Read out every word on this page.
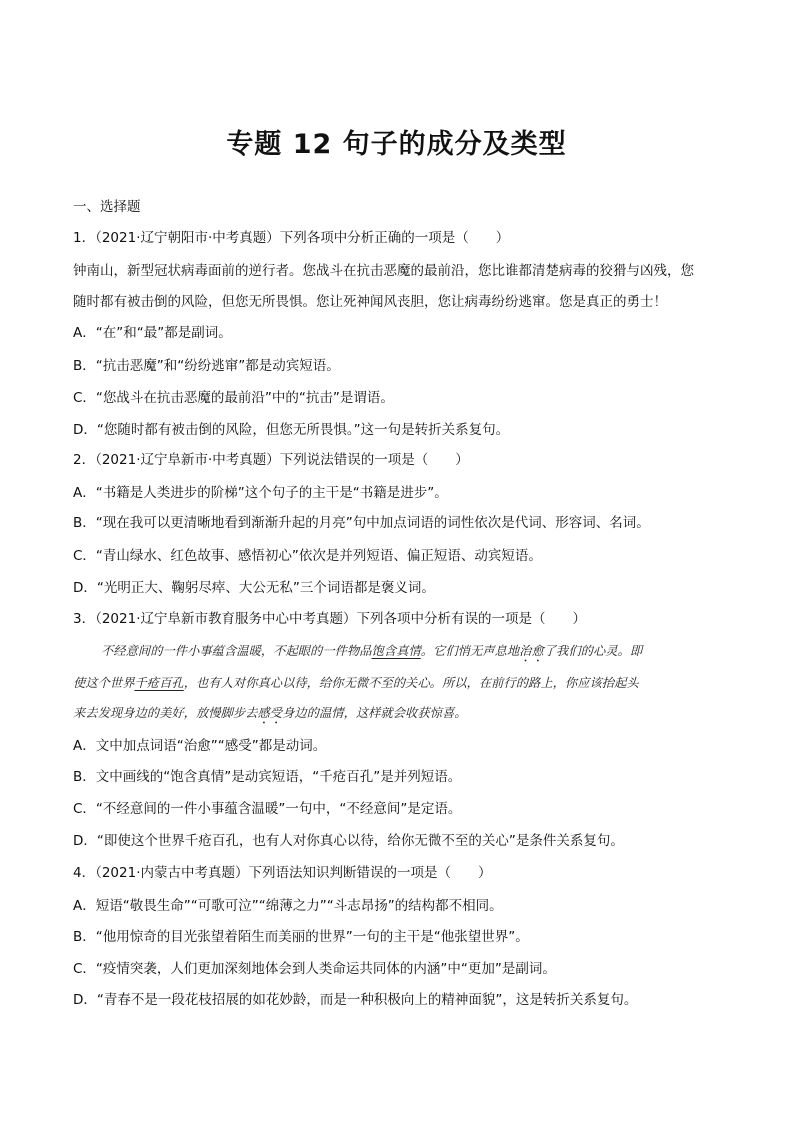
专题 12 句子的成分及类型
一、选择题
1．（2021·辽宁朝阳市·中考真题）下列各项中分析正确的一项是（　　）
钟南山，新型冠状病毒面前的逆行者。您战斗在抗击恶魔的最前沿，您比谁都清楚病毒的狡猾与凶残，您
随时都有被击倒的风险，但您无所畏惧。您让死神闻风丧胆，您让病毒纷纷逃窜。您是真正的勇士！
A．“在”和“最”都是副词。
B．“抗击恶魔”和“纷纷逃窜”都是动宾短语。
C．“您战斗在抗击恶魔的最前沿”中的“抗击”是谓语。
D．“您随时都有被击倒的风险，但您无所畏惧。”这一句是转折关系复句。
2．（2021·辽宁阜新市·中考真题）下列说法错误的一项是（　　）
A．“书籍是人类进步的阶梯”这个句子的主干是“书籍是进步”。
B．“现在我可以更清晰地看到渐渐升起的月亮”句中加点词语的词性依次是代词、形容词、名词。
C．“青山绿水、红色故事、感悟初心”依次是并列短语、偏正短语、动宾短语。
D．“光明正大、鞠躬尽瘁、大公无私”三个词语都是褒义词。
3．（2021·辽宁阜新市教育服务中心中考真题）下列各项中分析有误的一项是（　　）
不经意间的一件小事蕴含温暖，不起眼的一件物品饱含真情。它们悄无声息地治愈了我们的心灵。即
使这个世界千疮百孔，也有人对你真心以待，给你无微不至的关心。所以，在前行的路上，你应该抬起头
来去发现身边的美好，放慢脚步去感受身边的温情，这样就会收获惊喜。
A．文中加点词语“治愈”“感受”都是动词。
B．文中画线的“饱含真情”是动宾短语，“千疮百孔”是并列短语。
C．“不经意间的一件小事蕴含温暖”一句中，“不经意间”是定语。
D．“即使这个世界千疮百孔，也有人对你真心以待，给你无微不至的关心”是条件关系复句。
4．（2021·内蒙古中考真题）下列语法知识判断错误的一项是（　　）
A．短语“敬畏生命”“可歌可泣”“绵薄之力”“斗志昂扬”的结构都不相同。
B．“他用惊奇的目光张望着陌生而美丽的世界”一句的主干是“他张望世界”。
C．“疫情突袭，人们更加深刻地体会到人类命运共同体的内涵”中“更加”是副词。
D．“青春不是一段花枝招展的如花妙龄，而是一种积极向上的精神面貌”，这是转折关系复句。
